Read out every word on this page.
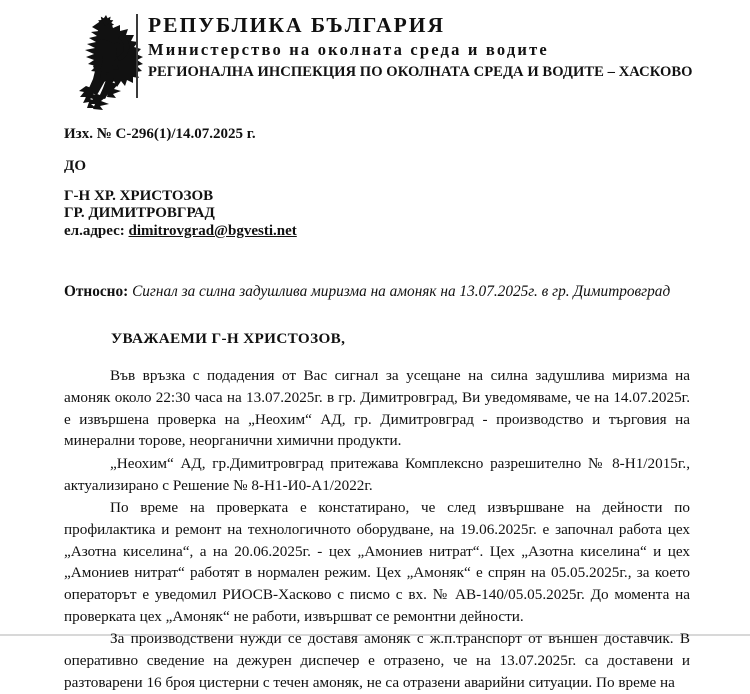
РЕПУБЛИКА БЪЛГАРИЯ
Министерство на околната среда и водите
РЕГИОНАЛНА ИНСПЕКЦИЯ ПО ОКОЛНАТА СРЕДА И ВОДИТЕ – ХАСКОВО
Изх. № С-296(1)/14.07.2025 г.
ДО
Г-Н ХР. ХРИСТОЗОВ
ГР. ДИМИТРОВГРАД
ел.адрес: dimitrovgrad@bgvesti.net
Относно: Сигнал за силна задушлива миризма на амоняк на 13.07.2025г. в гр. Димитровград
УВАЖАЕМИ Г-Н ХРИСТОЗОВ,

Във връзка с подадения от Вас сигнал за усещане на силна задушлива миризма на амоняк около 22:30 часа на 13.07.2025г. в гр. Димитровград, Ви уведомяваме, че на 14.07.2025г. е извършена проверка на „Неохим“ АД, гр. Димитровград - производство и търговия на минерални торове, неорганични химични продукти.

„Неохим“ АД, гр.Димитровград притежава Комплексно разрешително № 8-Н1/2015г., актуализирано с Решение № 8-Н1-И0-А1/2022г.

По време на проверката е констатирано, че след извършване на дейности по профилактика и ремонт на технологичното оборудване, на 19.06.2025г. е започнал работа цех „Азотна киселина“, а на 20.06.2025г. - цех „Амониев нитрат“. Цех „Азотна киселина“ и цех „Амониев нитрат“ работят в нормален режим. Цех „Амоняк“ е спрян на 05.05.2025г., за което операторът е уведомил РИОСВ-Хасково с писмо с вх. № АВ-140/05.05.2025г. До момента на проверката цех „Амоняк“ не работи, извършват се ремонтни дейности.

За производствени нужди се доставя амоняк с ж.п.транспорт от външен доставчик. В оперативно сведение на дежурен диспечер е отразено, че на 13.07.2025г. са доставени и разтоварени 16 броя цистерни с течен амоняк, не са отразени аварийни ситуации. По време на
